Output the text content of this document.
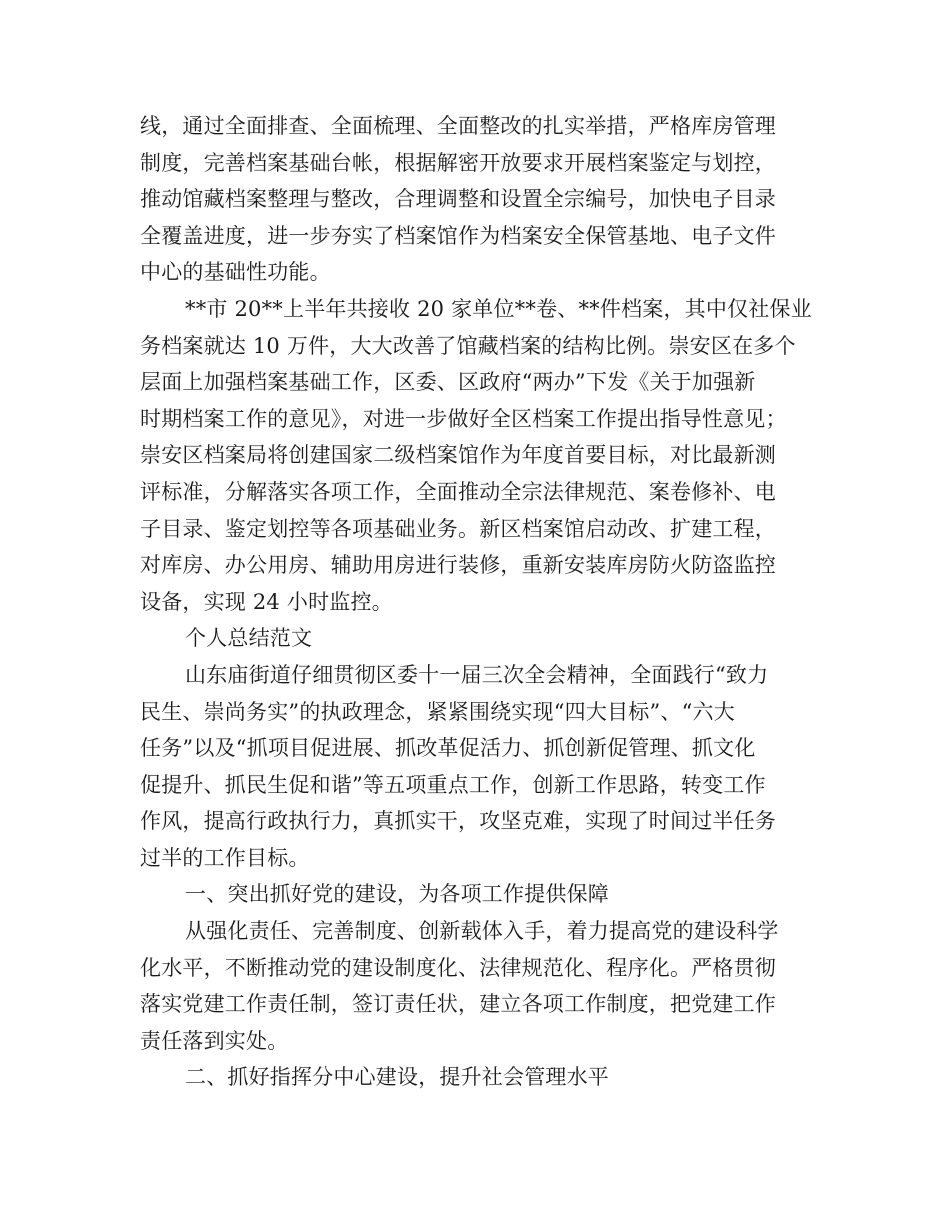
线，通过全面排查、全面梳理、全面整改的扎实举措，严格库房管理
制度，完善档案基础台帐，根据解密开放要求开展档案鉴定与划控，
推动馆藏档案整理与整改，合理调整和设置全宗编号，加快电子目录
全覆盖进度，进一步夯实了档案馆作为档案安全保管基地、电子文件
中心的基础性功能。
**市 20**上半年共接收 20 家单位**卷、**件档案，其中仅社保业
务档案就达 10 万件，大大改善了馆藏档案的结构比例。崇安区在多个
层面上加强档案基础工作，区委、区政府“两办”下发《关于加强新
时期档案工作的意见》，对进一步做好全区档案工作提出指导性意见；
崇安区档案局将创建国家二级档案馆作为年度首要目标，对比最新测
评标准，分解落实各项工作，全面推动全宗法律规范、案卷修补、电
子目录、鉴定划控等各项基础业务。新区档案馆启动改、扩建工程，
对库房、办公用房、辅助用房进行装修，重新安装库房防火防盗监控
设备，实现 24 小时监控。
个人总结范文
山东庙街道仔细贯彻区委十一届三次全会精神，全面践行“致力
民生、崇尚务实”的执政理念，紧紧围绕实现“四大目标”、“六大
任务”以及“抓项目促进展、抓改革促活力、抓创新促管理、抓文化
促提升、抓民生促和谐”等五项重点工作，创新工作思路，转变工作
作风，提高行政执行力，真抓实干，攻坚克难，实现了时间过半任务
过半的工作目标。
一、突出抓好党的建设，为各项工作提供保障
从强化责任、完善制度、创新载体入手，着力提高党的建设科学
化水平，不断推动党的建设制度化、法律规范化、程序化。严格贯彻
落实党建工作责任制，签订责任状，建立各项工作制度，把党建工作
责任落到实处。
二、抓好指挥分中心建设，提升社会管理水平
